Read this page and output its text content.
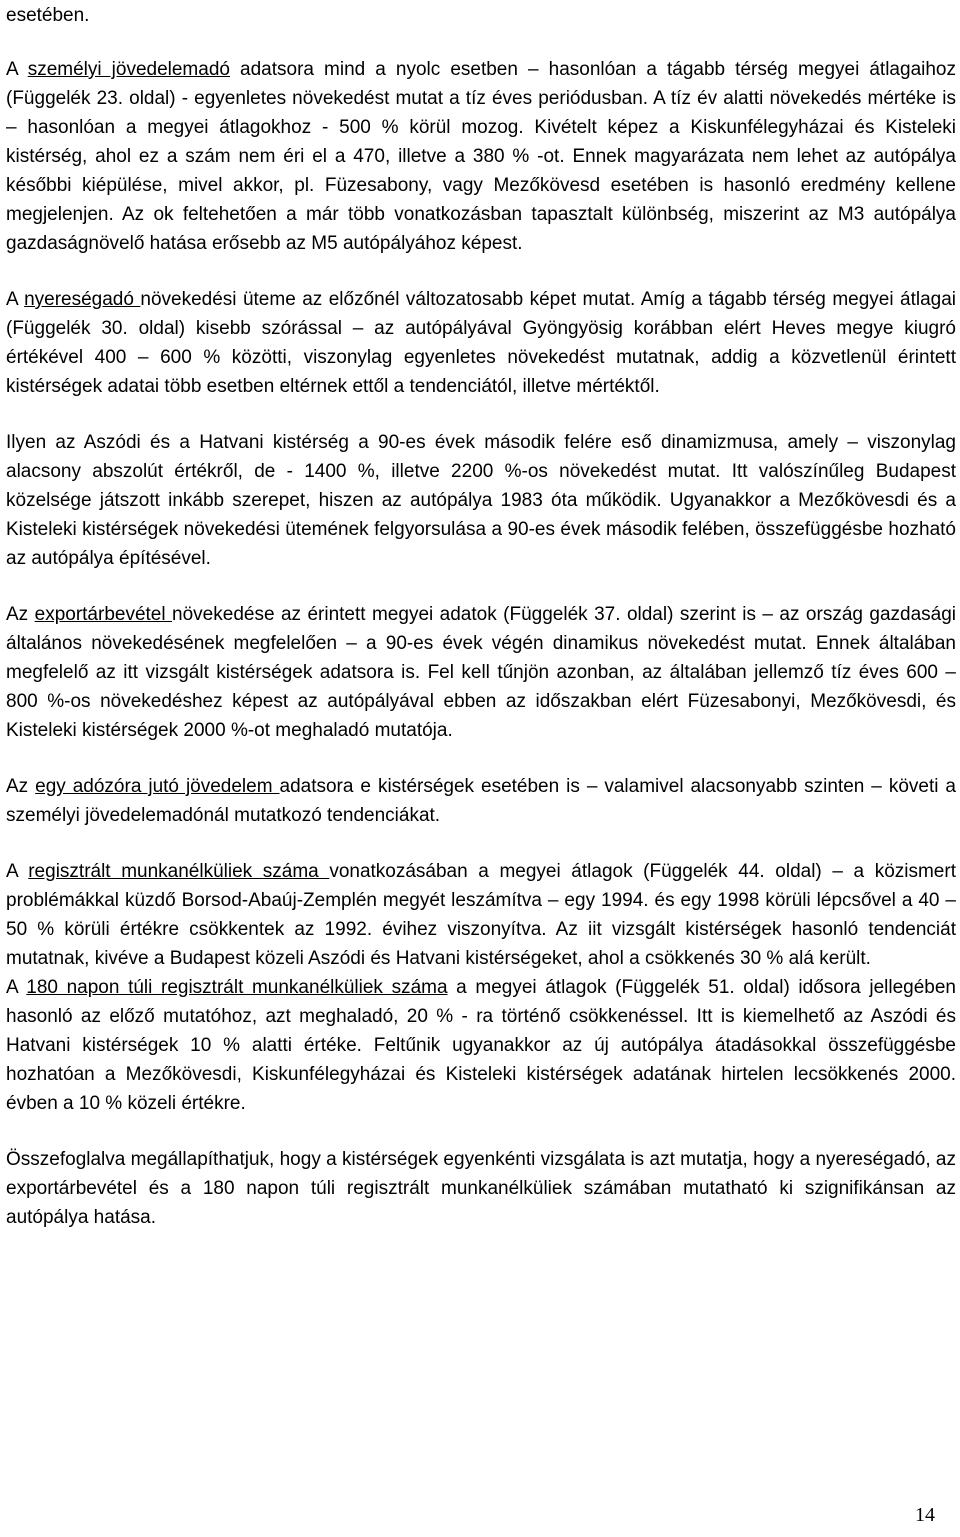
esetében.

A személyi jövedelemadó adatsora mind a nyolc esetben – hasonlóan a tágabb térség megyei átlagaihoz (Függelék 23. oldal) - egyenletes növekedést mutat a tíz éves periódusban. A tíz év alatti növekedés mértéke is – hasonlóan a megyei átlagokhoz - 500 % körül mozog. Kivételt képez a Kiskunfélegyházai és Kisteleki kistérség, ahol ez a szám nem éri el a 470, illetve a 380 % -ot. Ennek magyarázata nem lehet az autópálya későbbi kiépülése, mivel akkor, pl. Füzesabony, vagy Mezőkövesd esetében is hasonló eredmény kellene megjelenjen. Az ok feltehetően a már több vonatkozásban tapasztalt különbség, miszerint az M3 autópálya gazdaságnövelő hatása erősebb az M5 autópályához képest.

A nyereségadó növekedési üteme az előzőnél változatosabb képet mutat. Amíg a tágabb térség megyei átlagai (Függelék 30. oldal) kisebb szórással – az autópályával Gyöngyösig korábban elért Heves megye kiugró értékével 400 – 600 % közötti, viszonylag egyenletes növekedést mutatnak, addig a közvetlenül érintett kistérségek adatai több esetben eltérnek ettől a tendenciától, illetve mértéktől.

Ilyen az Aszódi és a Hatvani kistérség a 90-es évek második felére eső dinamizmusa, amely – viszonylag alacsony abszolút értékről, de - 1400 %, illetve 2200 %-os növekedést mutat. Itt valószínűleg Budapest közelsége játszott inkább szerepet, hiszen az autópálya 1983 óta működik. Ugyanakkor a Mezőkövesdi és a Kisteleki kistérségek növekedési ütemének felgyorsulása a 90-es évek második felében, összefüggésbe hozható az autópálya építésével.

Az exportárbevétel növekedése az érintett megyei adatok (Függelék 37. oldal) szerint is – az ország gazdasági általános növekedésének megfelelően – a 90-es évek végén dinamikus növekedést mutat. Ennek általában megfelelő az itt vizsgált kistérségek adatsora is. Fel kell tűnjön azonban, az általában jellemző tíz éves 600 – 800 %-os növekedéshez képest az autópályával ebben az időszakban elért Füzesabonyi, Mezőkövesdi, és Kisteleki kistérségek 2000 %-ot meghaladó mutatója.

Az egy adózóra jutó jövedelem adatsora e kistérségek esetében is – valamivel alacsonyabb szinten – követi a személyi jövedelemadónál mutatkozó tendenciákat.

A regisztrált munkanélküliek száma vonatkozásában a megyei átlagok (Függelék 44. oldal) – a közismert problémákkal küzdő Borsod-Abaúj-Zemplén megyét leszámítva – egy 1994. és egy 1998 körüli lépcsővel a 40 – 50 % körüli értékre csökkentek az 1992. évihez viszonyítva. Az iit vizsgált kistérségek hasonló tendenciát mutatnak, kivéve a Budapest közeli Aszódi és Hatvani kistérségeket, ahol a csökkenés 30 % alá került.

A 180 napon túli regisztrált munkanélküliek száma a megyei átlagok (Függelék 51. oldal) idősora jellegében hasonló az előző mutatóhoz, azt meghaladó, 20 % - ra történő csökkenéssel. Itt is kiemelhető az Aszódi és Hatvani kistérségek 10 % alatti értéke. Feltűnik ugyanakkor az új autópálya átadásokkal összefüggésbe hozhatóan a Mezőkövesdi, Kiskunfélegyházai és Kisteleki kistérségek adatának hirtelen lecsökkenés 2000. évben a 10 % közeli értékre.

Összefoglalva megállapíthatjuk, hogy a kistérségek egyenkénti vizsgálata is azt mutatja, hogy a nyereségadó, az exportárbevétel és a 180 napon túli regisztrált munkanélküliek számában mutatható ki szignifikánsan az autópálya hatása.

14
